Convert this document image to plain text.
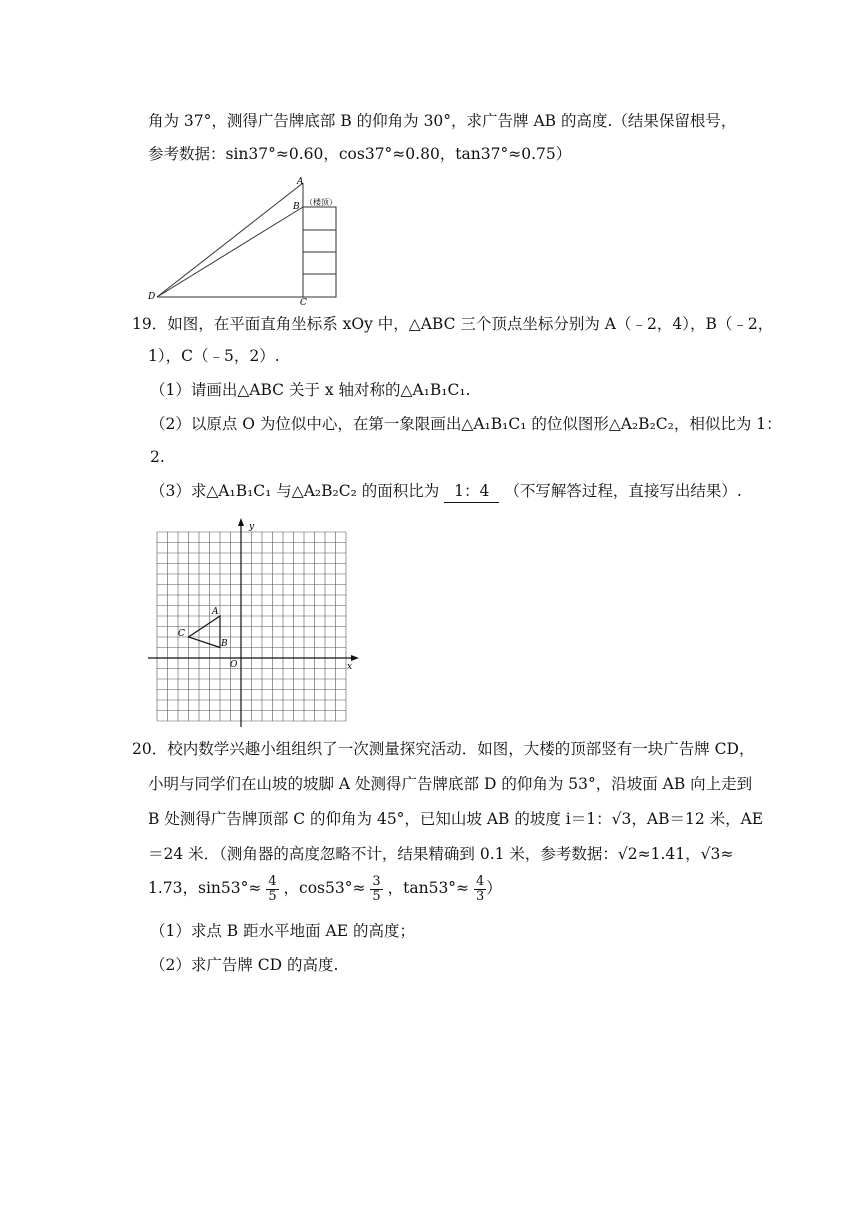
角为 37°，测得广告牌底部 B 的仰角为 30°，求广告牌 AB 的高度.（结果保留根号，
参考数据：sin37°≈0.60，cos37°≈0.80，tan37°≈0.75）
A
B
C
D
（楼顶）
19．如图，在平面直角坐标系 xOy 中，△ABC 三个顶点坐标分别为 A（﹣2，4），B（﹣2，
1），C（﹣5，2）.
（1）请画出△ABC 关于 x 轴对称的△A₁B₁C₁.
（2）以原点 O 为位似中心，在第一象限画出△A₁B₁C₁ 的位似图形△A₂B₂C₂，相似比为 1：
2.
（3）求△A₁B₁C₁ 与△A₂B₂C₂ 的面积比为 1：4 （不写解答过程，直接写出结果）.
x
y
O
A
B
C
20．校内数学兴趣小组组织了一次测量探究活动．如图，大楼的顶部竖有一块广告牌 CD，
小明与同学们在山坡的坡脚 A 处测得广告牌底部 D 的仰角为 53°，沿坡面 AB 向上走到
B 处测得广告牌顶部 C 的仰角为 45°，已知山坡 AB 的坡度 i＝1：√3，AB＝12 米，AE
＝24 米．（测角器的高度忽略不计，结果精确到 0.1 米，参考数据：√2≈1.41，√3≈
1.73，$\sin 53^\circ\approx \frac{4}{5}$ ，$\cos 53^\circ\approx \frac{3}{5}$ ，$\tan 53^\circ\approx \frac{4}{3}$ ）
（1）求点 B 距水平地面 AE 的高度；
（2）求广告牌 CD 的高度.
